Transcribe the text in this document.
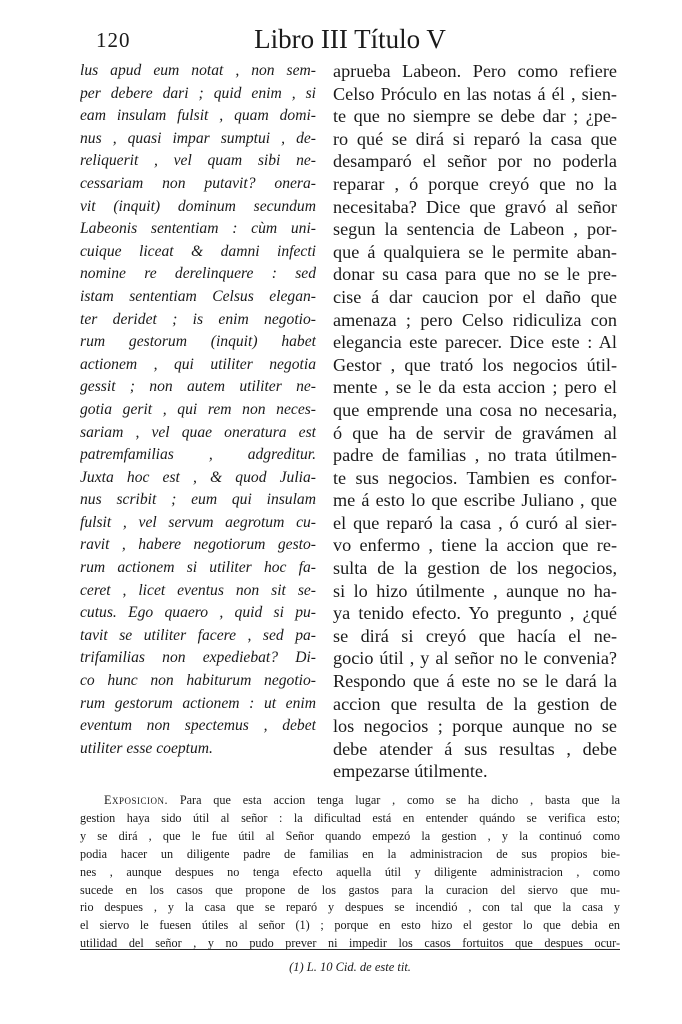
120	Libro III Título V
lus apud eum notat , non sem-
per debere dari ; quid enim , si
eam insulam fulsit , quam domi-
nus , quasi impar sumptui , de-
reliquerit , vel quam sibi ne-
cessariam non putavit? onera-
vit (inquit) dominum secundum
Labeonis sententiam : cùm uni-
cuique liceat & damni infecti
nomine re derelinquere : sed
istam sententiam Celsus elegan-
ter deridet ; is enim negotio-
rum gestorum (inquit) habet
actionem , qui utiliter negotia
gessit ; non autem utiliter ne-
gotia gerit , qui rem non neces-
sariam , vel quae oneratura est
patremfamilias , adgreditur.
Juxta hoc est , & quod Julia-
nus scribit ; eum qui insulam
fulsit , vel servum aegrotum cu-
ravit , habere negotiorum gesto-
rum actionem si utiliter hoc fa-
ceret , licet eventus non sit se-
cutus. Ego quaero , quid si pu-
tavit se utiliter facere , sed pa-
trifamilias non expediebat? Di-
co hunc non habiturum negotio-
rum gestorum actionem : ut enim
eventum non spectemus , debet
utiliter esse coeptum.
aprueba Labeon. Pero como refiere
Celso Próculo en las notas á él , sien-
te que no siempre se debe dar ; ¿pe-
ro qué se dirá si reparó la casa que
desamparó el señor por no poderla
reparar , ó porque creyó que no la
necesitaba? Dice que gravó al señor
segun la sentencia de Labeon , por-
que á qualquiera se le permite aban-
donar su casa para que no se le pre-
cise á dar caucion por el daño que
amenaza ; pero Celso ridiculiza con
elegancia este parecer. Dice este : Al
Gestor , que trató los negocios útil-
mente , se le da esta accion ; pero el
que emprende una cosa no necesaria,
ó que ha de servir de gravámen al
padre de familias , no trata útilmen-
te sus negocios. Tambien es confor-
me á esto lo que escribe Juliano , que
el que reparó la casa , ó curó al sier-
vo enfermo , tiene la accion que re-
sulta de la gestion de los negocios,
si lo hizo útilmente , aunque no ha-
ya tenido efecto. Yo pregunto , ¿qué
se dirá si creyó que hacía el ne-
gocio útil , y al señor no le convenia?
Respondo que á este no se le dará la
accion que resulta de la gestion de
los negocios ; porque aunque no se
debe atender á sus resultas , debe
empezarse útilmente.
Exposicion. Para que esta accion tenga lugar , como se ha dicho , basta que la
gestion haya sido útil al señor : la dificultad está en entender quándo se verifica esto;
y se dirá , que le fue útil al Señor quando empezó la gestion , y la continuó como
podia hacer un diligente padre de familias en la administracion de sus propios bie-
nes , aunque despues no tenga efecto aquella útil y diligente administracion , como
sucede en los casos que propone de los gastos para la curacion del siervo que mu-
rio despues , y la casa que se reparó y despues se incendió , con tal que la casa y
el siervo le fuesen útiles al señor (1) ; porque en esto hizo el gestor lo que debia en
utilidad del señor , y no pudo prever ni impedir los casos fortuitos que despues ocur-
(1) L. 10 Cid. de este tit.
